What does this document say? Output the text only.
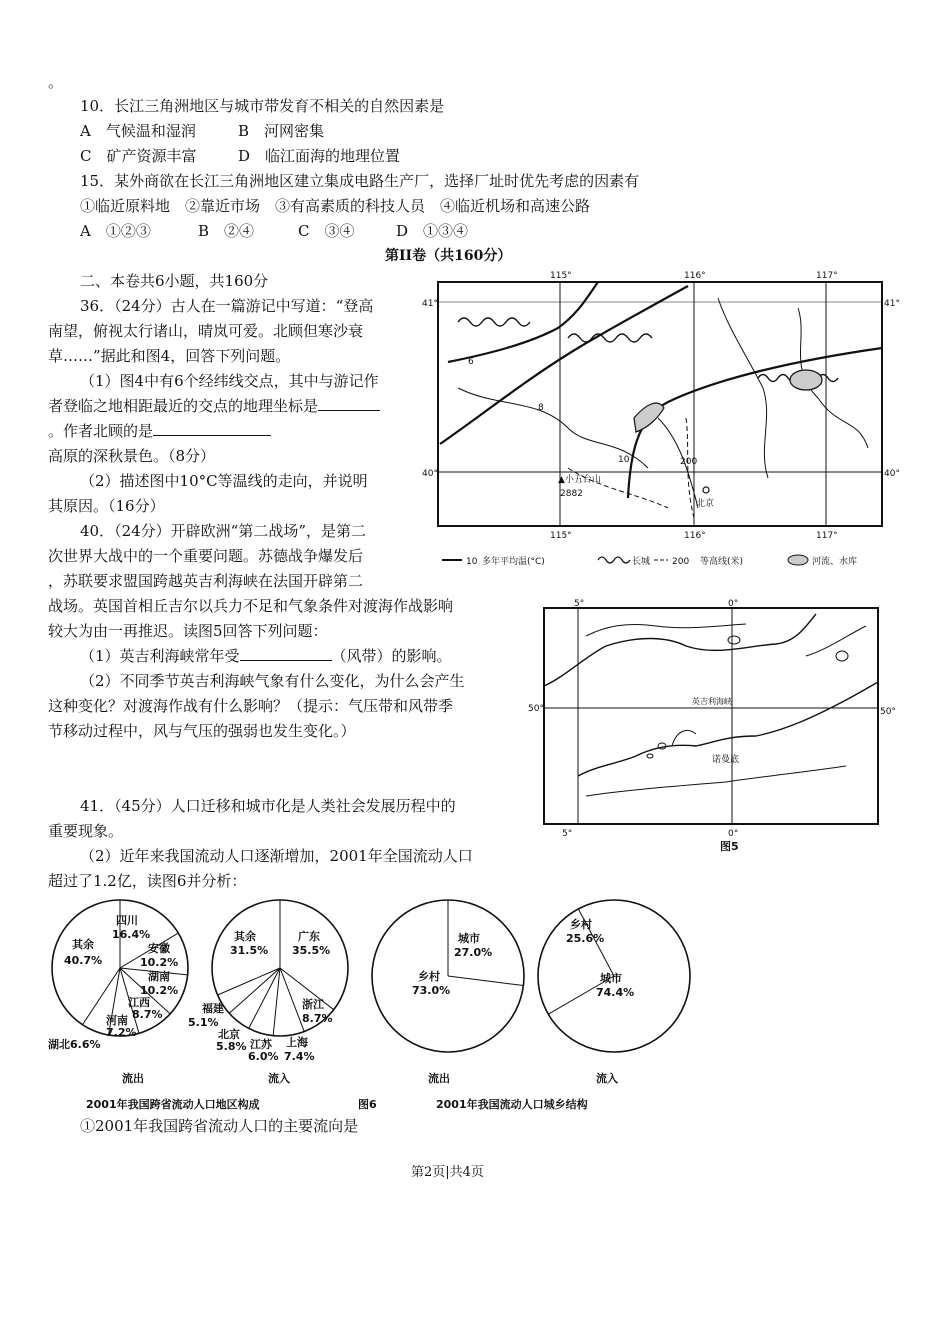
。
10．长江三角洲地区与城市带发育不相关的自然因素是
A　气候温和湿润	B　河网密集
C　矿产资源丰富	D　临江面海的地理位置
15．某外商欲在长江三角洲地区建立集成电路生产厂，选择厂址时优先考虑的因素有
①临近原料地　②靠近市场　③有高素质的科技人员　④临近机场和高速公路
A　①②③	B　②④	C　③④	D　①③④
第II卷（共160分）
二、本卷共6小题，共160分
36．（24分）古人在一篇游记中写道：“登高
南望，俯视太行诸山，晴岚可爱。北顾但寒沙衰
草……”据此和图4，回答下列问题。
（1）图4中有6个经纬线交点，其中与游记作
者登临之地相距最近的交点的地理坐标是
。作者北顾的是
高原的深秋景色。（8分）
（2）描述图中10°C等温线的走向，并说明
其原因。（16分）
40．（24分）开辟欧洲“第二战场”，是第二
次世界大战中的一个重要问题。苏德战争爆发后
，苏联要求盟国跨越英吉利海峡在法国开辟第二
战场。英国首相丘吉尔以兵力不足和气象条件对渡海作战影响
较大为由一再推迟。读图5回答下列问题：
（1）英吉利海峡常年受	（风带）的影响。
（2）不同季节英吉利海峡气象有什么变化，为什么会产生
这种变化？对渡海作战有什么影响？（提示：气压带和风带季
节移动过程中，风与气压的强弱也发生变化。）
41．（45分）人口迁移和城市化是人类社会发展历程中的
重要现象。
（2）近年来我国流动人口逐渐增加，2001年全国流动人口
超过了1.2亿，读图6并分析：
①2001年我国跨省流动人口的主要流向是
第2页|共4页
115°	116°	117°
115°	116°	117°
41°	41°
40°	40°
6
8
10	200
▲小五台山
2882
北京
10 多年平均温(°C)	长城 200 等高线(米)	河流、水库
5°	0°
5°	0°
50°	50°
英吉利海峡
诺曼底
图5
流出	流入	流出	流入
2001年我国跨省流动人口地区构成	图6	2001年我国流动人口城乡结构
四川
16.4%
安徽
10.2%
湖南
10.2%
江西
8.7%
河南
7.2%
湖北6.6%
其余
40.7%
广东
35.5%
浙江
8.7%
上海
7.4%
江苏
6.0%
北京
5.8%
福建
5.1%
其余
31.5%
城市
27.0%
乡村
73.0%
乡村
25.6%
城市
74.4%
